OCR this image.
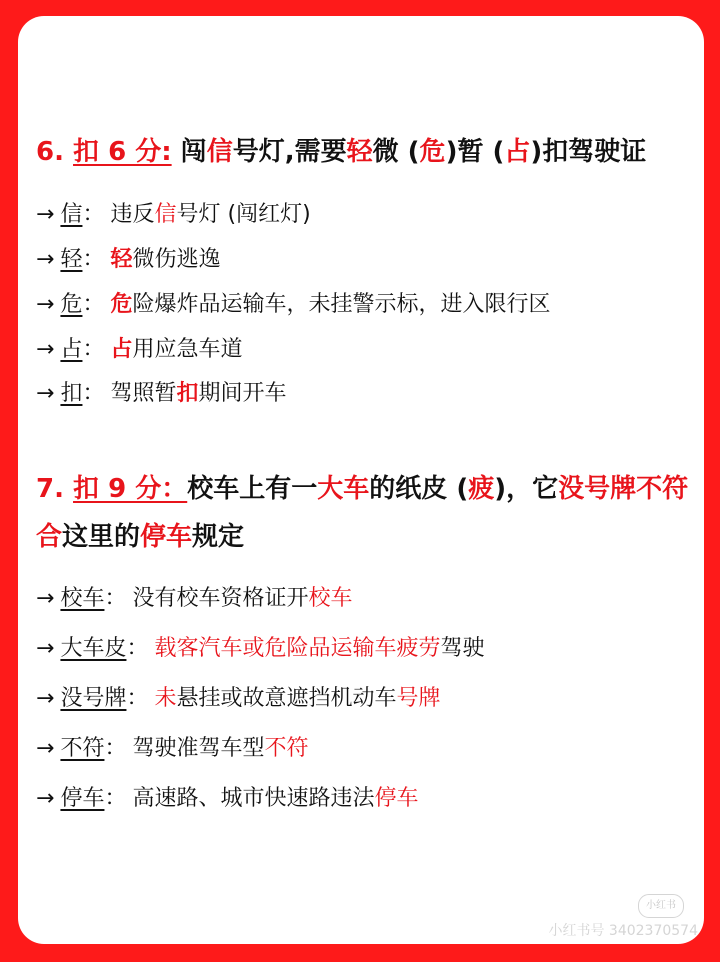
6. 扣 6 分: 闯信号灯,需要轻微 (危)暂 (占)扣驾驶证
→ 信： 违反信号灯 (闯红灯)
→ 轻： 轻微伤逃逸
→ 危： 危险爆炸品运输车，未挂警示标，进入限行区
→ 占： 占用应急车道
→ 扣： 驾照暂扣期间开车
7. 扣 9 分：校车上有一大车的纸皮 (疲)，它没号牌不符合这里的停车规定
→ 校车： 没有校车资格证开校车
→ 大车皮： 载客汽车或危险品运输车疲劳驾驶
→ 没号牌： 未悬挂或故意遮挡机动车号牌
→ 不符： 驾驶准驾车型不符
→ 停车： 高速路、城市快速路违法停车
小红书
小红书号 3402370574
